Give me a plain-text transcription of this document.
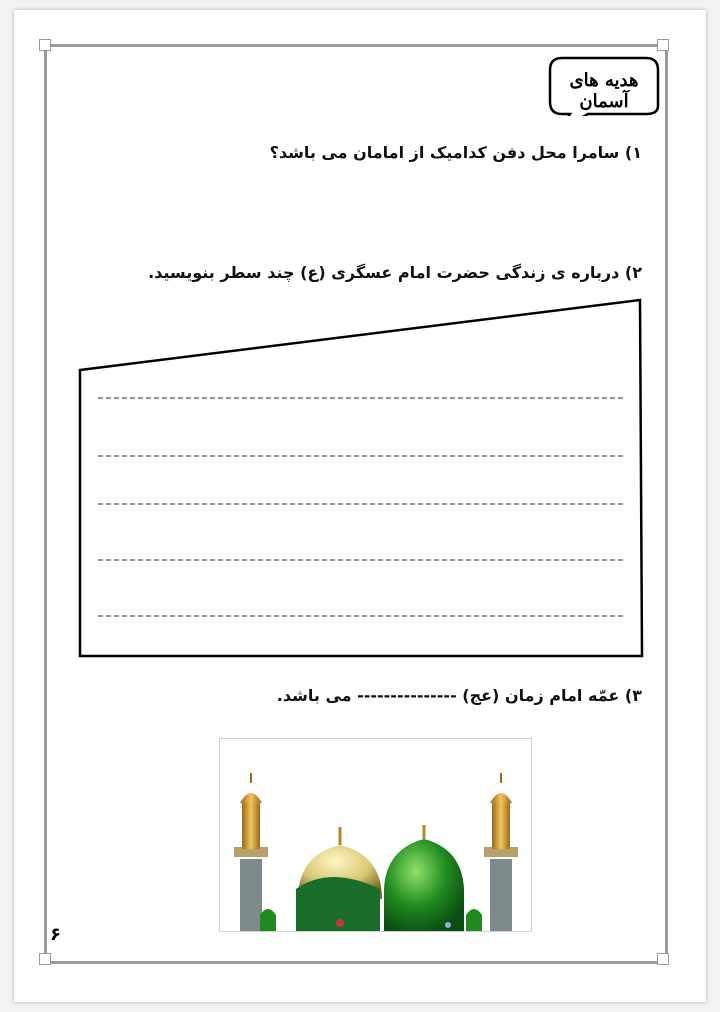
هدیه های آسمان
۱) سامرا محل دفن کدامیک از امامان می باشد؟
۲) درباره ی زندگی حضرت امام عسگری (ع) چند سطر بنویسید.
۳) عمّه امام زمان (عج) --------------- می باشد.
۶
